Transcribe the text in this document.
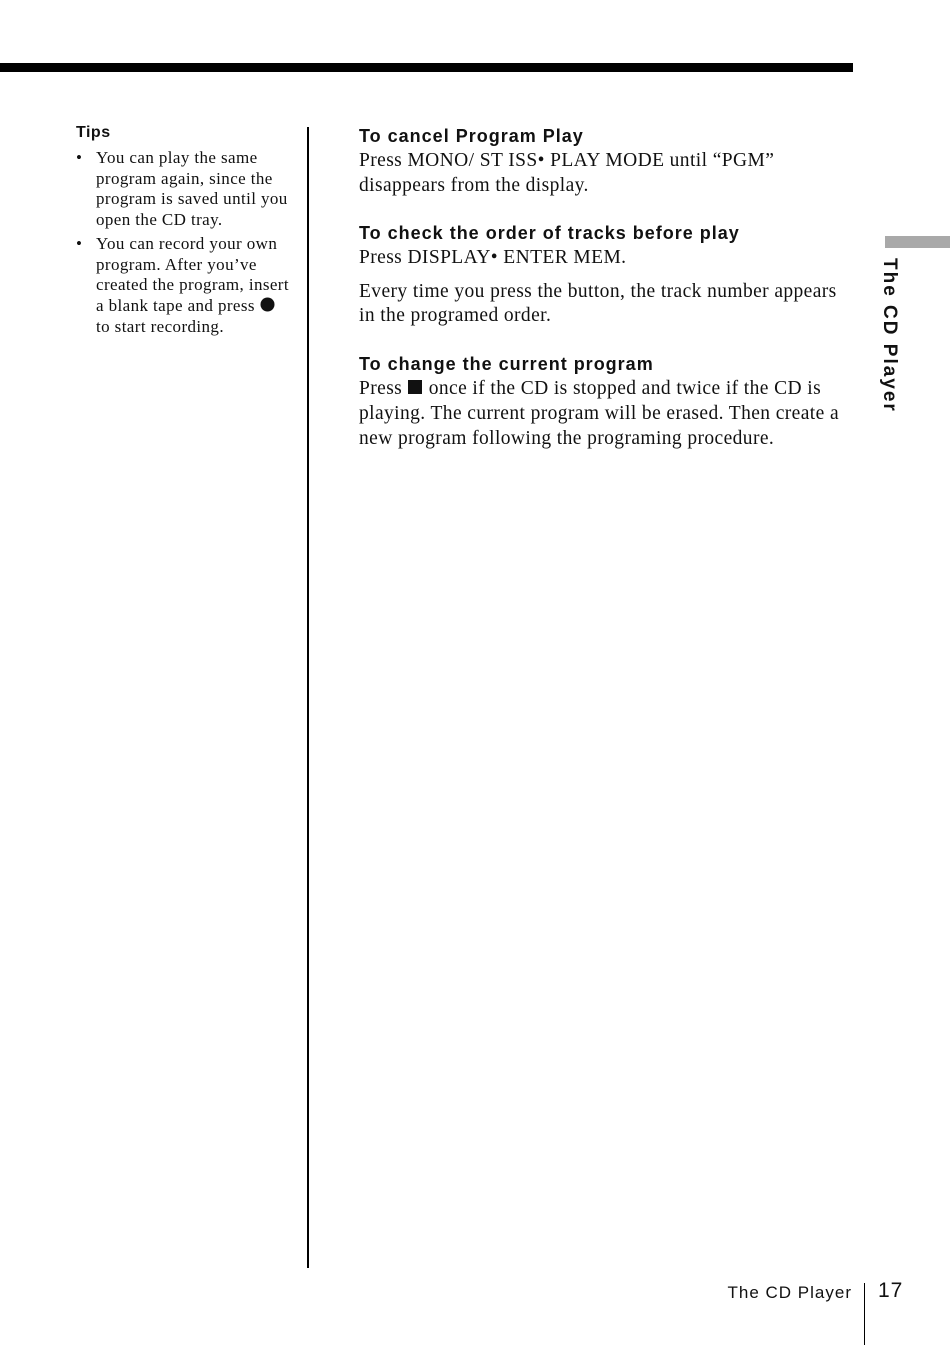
The CD Player
Tips
• You can play the same program again, since the program is saved until you open the CD tray.
• You can record your own program. After you’ve created the program, insert a blank tape and press  to start recording.
To cancel Program Play

Press MONO/ ST ISS• PLAY MODE until “PGM” disappears from the display.

To check the order of tracks before play

Press DISPLAY• ENTER MEM.

Every time you press the button, the track number appears in the programed order.

To change the current program

Press once if the CD is stopped and twice if the CD is playing. The current program will be erased. Then create a new program following the programing procedure.

The CD Player 17
